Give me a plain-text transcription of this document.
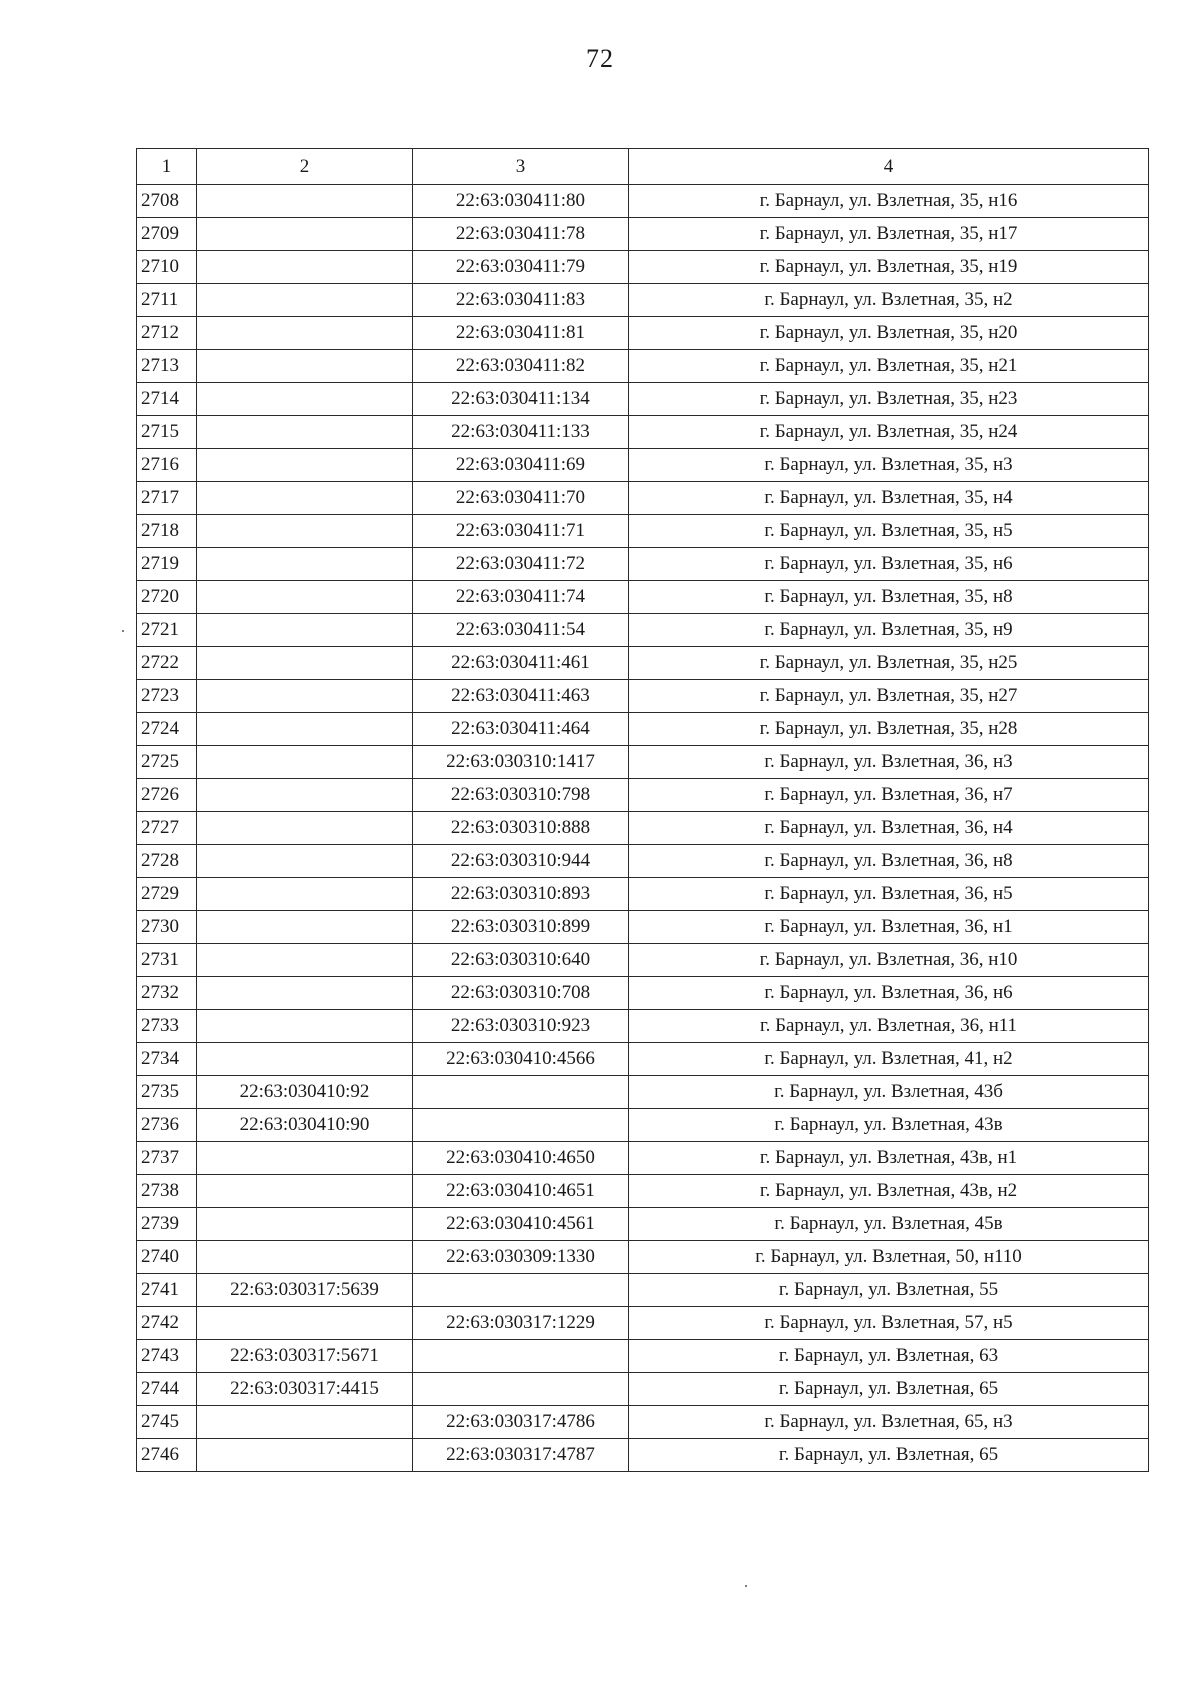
72
1	2	3	4
2708		22:63:030411:80	г. Барнаул, ул. Взлетная, 35, н16
2709		22:63:030411:78	г. Барнаул, ул. Взлетная, 35, н17
2710		22:63:030411:79	г. Барнаул, ул. Взлетная, 35, н19
2711		22:63:030411:83	г. Барнаул, ул. Взлетная, 35, н2
2712		22:63:030411:81	г. Барнаул, ул. Взлетная, 35, н20
2713		22:63:030411:82	г. Барнаул, ул. Взлетная, 35, н21
2714		22:63:030411:134	г. Барнаул, ул. Взлетная, 35, н23
2715		22:63:030411:133	г. Барнаул, ул. Взлетная, 35, н24
2716		22:63:030411:69	г. Барнаул, ул. Взлетная, 35, н3
2717		22:63:030411:70	г. Барнаул, ул. Взлетная, 35, н4
2718		22:63:030411:71	г. Барнаул, ул. Взлетная, 35, н5
2719		22:63:030411:72	г. Барнаул, ул. Взлетная, 35, н6
2720		22:63:030411:74	г. Барнаул, ул. Взлетная, 35, н8
2721		22:63:030411:54	г. Барнаул, ул. Взлетная, 35, н9
2722		22:63:030411:461	г. Барнаул, ул. Взлетная, 35, н25
2723		22:63:030411:463	г. Барнаул, ул. Взлетная, 35, н27
2724		22:63:030411:464	г. Барнаул, ул. Взлетная, 35, н28
2725		22:63:030310:1417	г. Барнаул, ул. Взлетная, 36, н3
2726		22:63:030310:798	г. Барнаул, ул. Взлетная, 36, н7
2727		22:63:030310:888	г. Барнаул, ул. Взлетная, 36, н4
2728		22:63:030310:944	г. Барнаул, ул. Взлетная, 36, н8
2729		22:63:030310:893	г. Барнаул, ул. Взлетная, 36, н5
2730		22:63:030310:899	г. Барнаул, ул. Взлетная, 36, н1
2731		22:63:030310:640	г. Барнаул, ул. Взлетная, 36, н10
2732		22:63:030310:708	г. Барнаул, ул. Взлетная, 36, н6
2733		22:63:030310:923	г. Барнаул, ул. Взлетная, 36, н11
2734		22:63:030410:4566	г. Барнаул, ул. Взлетная, 41, н2
2735	22:63:030410:92		г. Барнаул, ул. Взлетная, 43б
2736	22:63:030410:90		г. Барнаул, ул. Взлетная, 43в
2737		22:63:030410:4650	г. Барнаул, ул. Взлетная, 43в, н1
2738		22:63:030410:4651	г. Барнаул, ул. Взлетная, 43в, н2
2739		22:63:030410:4561	г. Барнаул, ул. Взлетная, 45в
2740		22:63:030309:1330	г. Барнаул, ул. Взлетная, 50, н110
2741	22:63:030317:5639		г. Барнаул, ул. Взлетная, 55
2742		22:63:030317:1229	г. Барнаул, ул. Взлетная, 57, н5
2743	22:63:030317:5671		г. Барнаул, ул. Взлетная, 63
2744	22:63:030317:4415		г. Барнаул, ул. Взлетная, 65
2745		22:63:030317:4786	г. Барнаул, ул. Взлетная, 65, н3
2746		22:63:030317:4787	г. Барнаул, ул. Взлетная, 65
